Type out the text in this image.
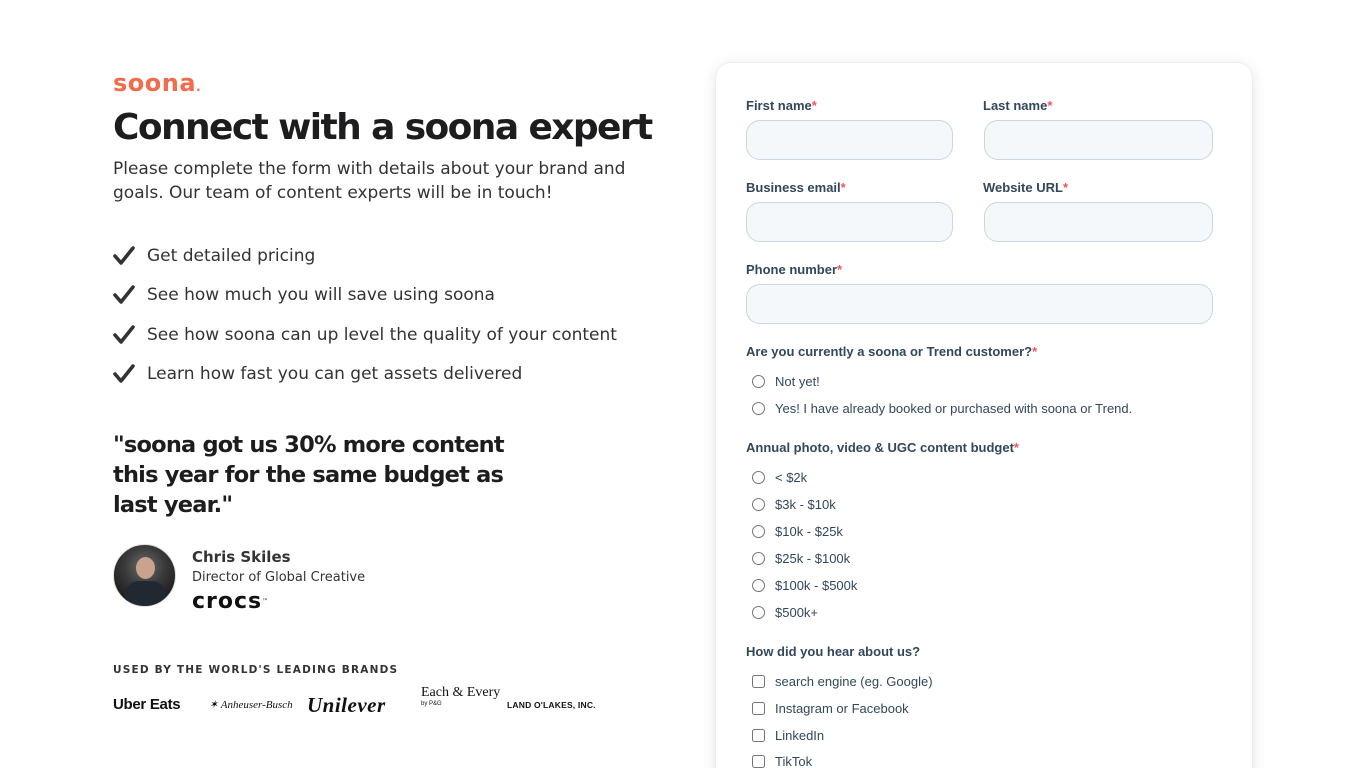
soona.
Connect with a soona expert

Please complete the form with details about your brand and goals. Our team of content experts will be in touch!

Get detailed pricing
See how much you will save using soona
See how soona can up level the quality of your content
Learn how fast you can get assets delivered
"soona got us 30% more content this year for the same budget as last year."
Chris Skiles
Director of Global Creative
crocs™
USED BY THE WORLD'S LEADING BRANDS
Uber Eats	✶ Anheuser-Busch Unilever
Each & Every
by P&G	LAND O'LAKES, INC.
First name*	Last name*
Business email*	Website URL*
Phone number*
Are you currently a soona or Trend customer?*
Not yet!
Yes! I have already booked or purchased with soona or Trend.
Annual photo, video & UGC content budget*
< $2k
$3k - $10k
$10k - $25k
$25k - $100k
$100k - $500k
$500k+
How did you hear about us?
search engine (eg. Google)
Instagram or Facebook
LinkedIn
TikTok
